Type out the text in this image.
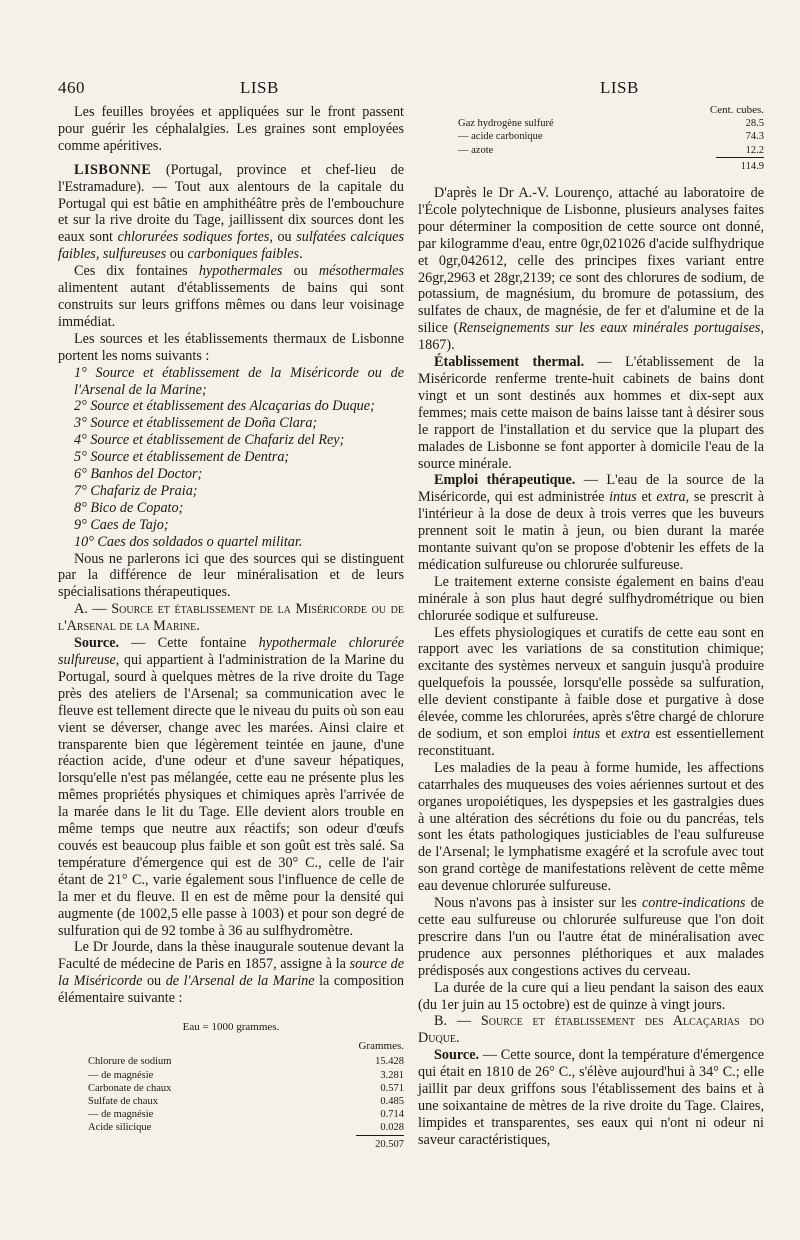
460	LISB	LISB

Les feuilles broyées et appliquées sur le front passent pour guérir les céphalalgies. Les graines sont employées comme apéritives.

LISBONNE (Portugal, province et chef-lieu de l'Estramadure). — Tout aux alentours de la capitale du Portugal qui est bâtie en amphithéâtre près de l'embouchure et sur la rive droite du Tage, jaillissent dix sources dont les eaux sont chlorurées sodiques fortes, ou sulfatées calciques faibles, sulfureuses ou carboniques faibles.

Ces dix fontaines hypothermales ou mésothermales alimentent autant d'établissements de bains qui sont construits sur leurs griffons mêmes ou dans leur voisinage immédiat.

Les sources et les établissements thermaux de Lisbonne portent les noms suivants :

1° Source et établissement de la Miséricorde ou de l'Arsenal de la Marine;

2° Source et établissement des Alcaçarias do Duque;

3° Source et établissement de Doña Clara;

4° Source et établissement de Chafariz del Rey;

5° Source et établissement de Dentra;

6° Banhos del Doctor;

7° Chafariz de Praia;

8° Bico de Copato;

9° Caes de Tajo;

10° Caes dos soldados o quartel militar.

Nous ne parlerons ici que des sources qui se distinguent par la différence de leur minéralisation et de leurs spécialisations thérapeutiques.

A. — Source et établissement de la Miséricorde ou de l'Arsenal de la Marine.

Source. — Cette fontaine hypothermale chlorurée sulfureuse, qui appartient à l'administration de la Marine du Portugal, sourd à quelques mètres de la rive droite du Tage près des ateliers de l'Arsenal; sa communication avec le fleuve est tellement directe que le niveau du puits où son eau vient se déverser, change avec les marées. Ainsi claire et transparente bien que légèrement teintée en jaune, d'une réaction acide, d'une odeur et d'une saveur hépatiques, lorsqu'elle n'est pas mélangée, cette eau ne présente plus les mêmes propriétés physiques et chimiques après l'arrivée de la marée dans le lit du Tage. Elle devient alors trouble en même temps que neutre aux réactifs; son odeur d'œufs couvés est beaucoup plus faible et son goût est très salé. Sa température d'émergence qui est de 30° C., celle de l'air étant de 21° C., varie également sous l'influence de celle de la mer et du fleuve. Il en est de même pour la densité qui augmente (de 1002,5 elle passe à 1003) et pour son degré de sulfuration qui de 92 tombe à 36 au sulfhydromètre.

Le Dr Jourde, dans la thèse inaugurale soutenue devant la Faculté de médecine de Paris en 1857, assigne à la source de la Miséricorde ou de l'Arsenal de la Marine la composition élémentaire suivante :

Eau = 1000 grammes.
Grammes.
Chlorure de sodium	15.428
— de magnésie	3.281
Carbonate de chaux	0.571
Sulfate de chaux	0.485
— de magnésie	0.714
Acide silicique	0.028
20.507
Cent. cubes.
Gaz hydrogène sulfuré	28.5
— acide carbonique	74.3
— azote	12.2
114.9

D'après le Dr A.-V. Lourenço, attaché au laboratoire de l'École polytechnique de Lisbonne, plusieurs analyses faites pour déterminer la composition de cette source ont donné, par kilogramme d'eau, entre 0gr,021026 d'acide sulfhydrique et 0gr,042612, celle des principes fixes variant entre 26gr,2963 et 28gr,2139; ce sont des chlorures de sodium, de potassium, de magnésium, du bromure de potassium, des sulfates de chaux, de magnésie, de fer et d'alumine et de la silice (Renseignements sur les eaux minérales portugaises, 1867).

Établissement thermal. — L'établissement de la Miséricorde renferme trente-huit cabinets de bains dont vingt et un sont destinés aux hommes et dix-sept aux femmes; mais cette maison de bains laisse tant à désirer sous le rapport de l'installation et du service que la plupart des malades de Lisbonne se font apporter à domicile l'eau de la source minérale.

Emploi thérapeutique. — L'eau de la source de la Miséricorde, qui est administrée intus et extra, se prescrit à l'intérieur à la dose de deux à trois verres que les buveurs prennent soit le matin à jeun, ou bien durant la marée montante suivant qu'on se propose d'obtenir les effets de la médication sulfureuse ou chlorurée sulfureuse.

Le traitement externe consiste également en bains d'eau minérale à son plus haut degré sulfhydrométrique ou bien chlorurée sodique et sulfureuse.

Les effets physiologiques et curatifs de cette eau sont en rapport avec les variations de sa constitution chimique; excitante des systèmes nerveux et sanguin jusqu'à produire quelquefois la poussée, lorsqu'elle possède sa sulfuration, elle devient constipante à faible dose et purgative à dose élevée, comme les chlorurées, après s'être chargé de chlorure de sodium, et son emploi intus et extra est essentiellement reconstituant.

Les maladies de la peau à forme humide, les affections catarrhales des muqueuses des voies aériennes surtout et des organes uropoiétiques, les dyspepsies et les gastralgies dues à une altération des sécrétions du foie ou du pancréas, tels sont les états pathologiques justiciables de l'eau sulfureuse de l'Arsenal; le lymphatisme exagéré et la scrofule avec tout son grand cortège de manifestations relèvent de cette même eau devenue chlorurée sulfureuse.

Nous n'avons pas à insister sur les contre-indications de cette eau sulfureuse ou chlorurée sulfureuse que l'on doit prescrire dans l'un ou l'autre état de minéralisation avec prudence aux personnes pléthoriques et aux malades prédisposés aux congestions actives du cerveau.

La durée de la cure qui a lieu pendant la saison des eaux (du 1er juin au 15 octobre) est de quinze à vingt jours.

B. — Source et établissement des Alcaçarias do Duque.

Source. — Cette source, dont la température d'émergence qui était en 1810 de 26° C., s'élève aujourd'hui à 34° C.; elle jaillit par deux griffons sous l'établissement des bains et à une soixantaine de mètres de la rive droite du Tage. Claires, limpides et transparentes, ses eaux qui n'ont ni odeur ni saveur caractéristiques,
